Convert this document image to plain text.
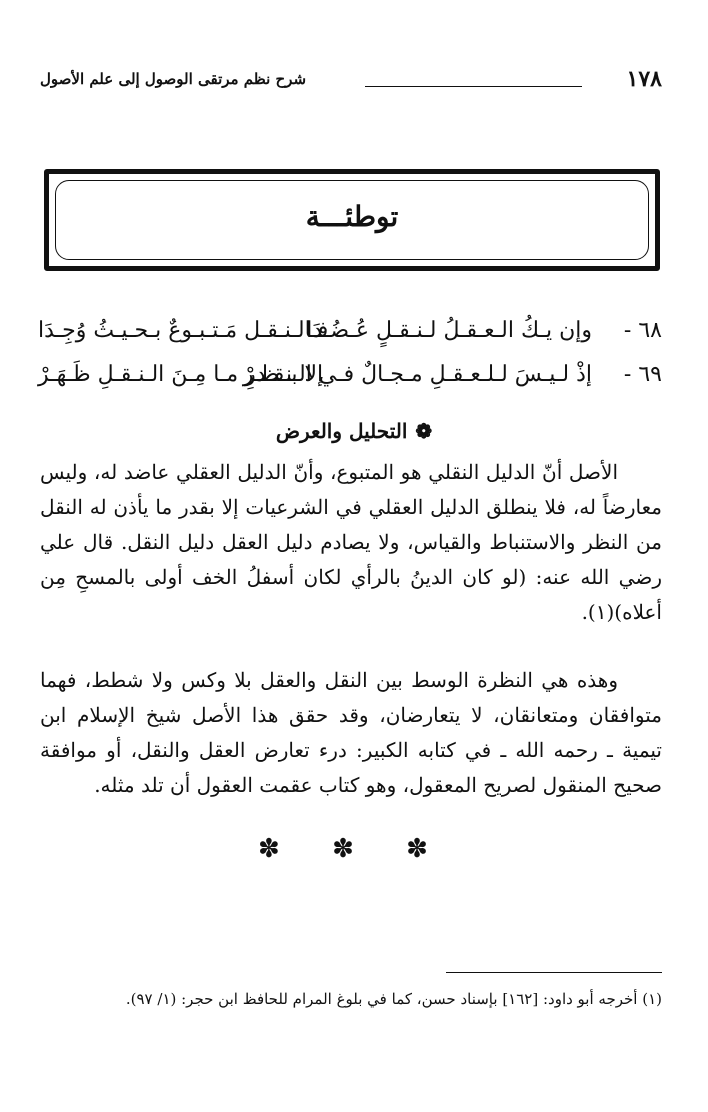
١٧٨
شرح نظم مرتقى الوصول إلى علم الأصول
توطئـــة
٦٨ -
وإن يـكُ الـعـقـلُ لـنـقـلٍ عُـضُـدَا
فـالـنـقـل مَـتـبـوعٌ بـحـيـثُ وُجِـدَا
٦٩ -
إذْ لـيـسَ لـلـعـقـلِ مـجـالٌ فـي الـنـظـرْ
إلا بـقـدرِ مـا مِـنَ الـنـقـلِ ظَـهَـرْ
❁التحليل والعرض

الأصل أنّ الدليل النقلي هو المتبوع، وأنّ الدليل العقلي عاضد له، وليس معارضاً له، فلا ينطلق الدليل العقلي في الشرعيات إلا بقدر ما يأذن له النقل من النظر والاستنباط والقياس، ولا يصادم دليل العقل دليل النقل. قال علي رضي الله عنه: (لو كان الدينُ بالرأي لكان أسفلُ الخف أولى بالمسحِ مِن أعلاه)(١).

وهذه هي النظرة الوسط بين النقل والعقل بلا وكس ولا شطط، فهما متوافقان ومتعانقان، لا يتعارضان، وقد حقق هذا الأصل شيخ الإسلام ابن تيمية ـ رحمه الله ـ في كتابه الكبير: درء تعارض العقل والنقل، أو موافقة صحيح المنقول لصريح المعقول، وهو كتاب عقمت العقول أن تلد مثله.

✽ ✽ ✽
(١) أخرجه أبو داود: [١٦٢] بإسناد حسن، كما في بلوغ المرام للحافظ ابن حجر: (١/ ٩٧).
